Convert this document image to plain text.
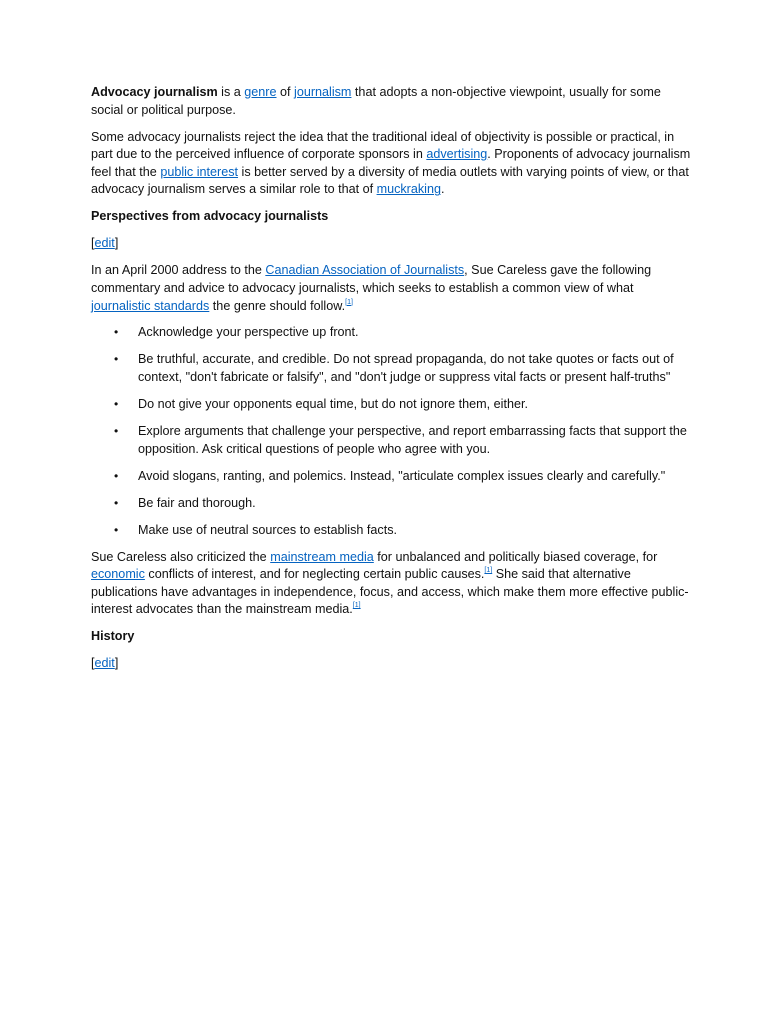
Advocacy journalism is a genre of journalism that adopts a non-objective viewpoint, usually for some social or political purpose.

Some advocacy journalists reject the idea that the traditional ideal of objectivity is possible or practical, in part due to the perceived influence of corporate sponsors in advertising. Proponents of advocacy journalism feel that the public interest is better served by a diversity of media outlets with varying points of view, or that advocacy journalism serves a similar role to that of muckraking.

Perspectives from advocacy journalists

[edit]

In an April 2000 address to the Canadian Association of Journalists, Sue Careless gave the following commentary and advice to advocacy journalists, which seeks to establish a common view of what journalistic standards the genre should follow.[1]

• Acknowledge your perspective up front.
• Be truthful, accurate, and credible. Do not spread propaganda, do not take quotes or facts out of context, "don't fabricate or falsify", and "don't judge or suppress vital facts or present half-truths"
• Do not give your opponents equal time, but do not ignore them, either.
• Explore arguments that challenge your perspective, and report embarrassing facts that support the opposition. Ask critical questions of people who agree with you.
• Avoid slogans, ranting, and polemics. Instead, "articulate complex issues clearly and carefully."
• Be fair and thorough.
• Make use of neutral sources to establish facts.

Sue Careless also criticized the mainstream media for unbalanced and politically biased coverage, for economic conflicts of interest, and for neglecting certain public causes.[1] She said that alternative publications have advantages in independence, focus, and access, which make them more effective public-interest advocates than the mainstream media.[1]

History

[edit]
